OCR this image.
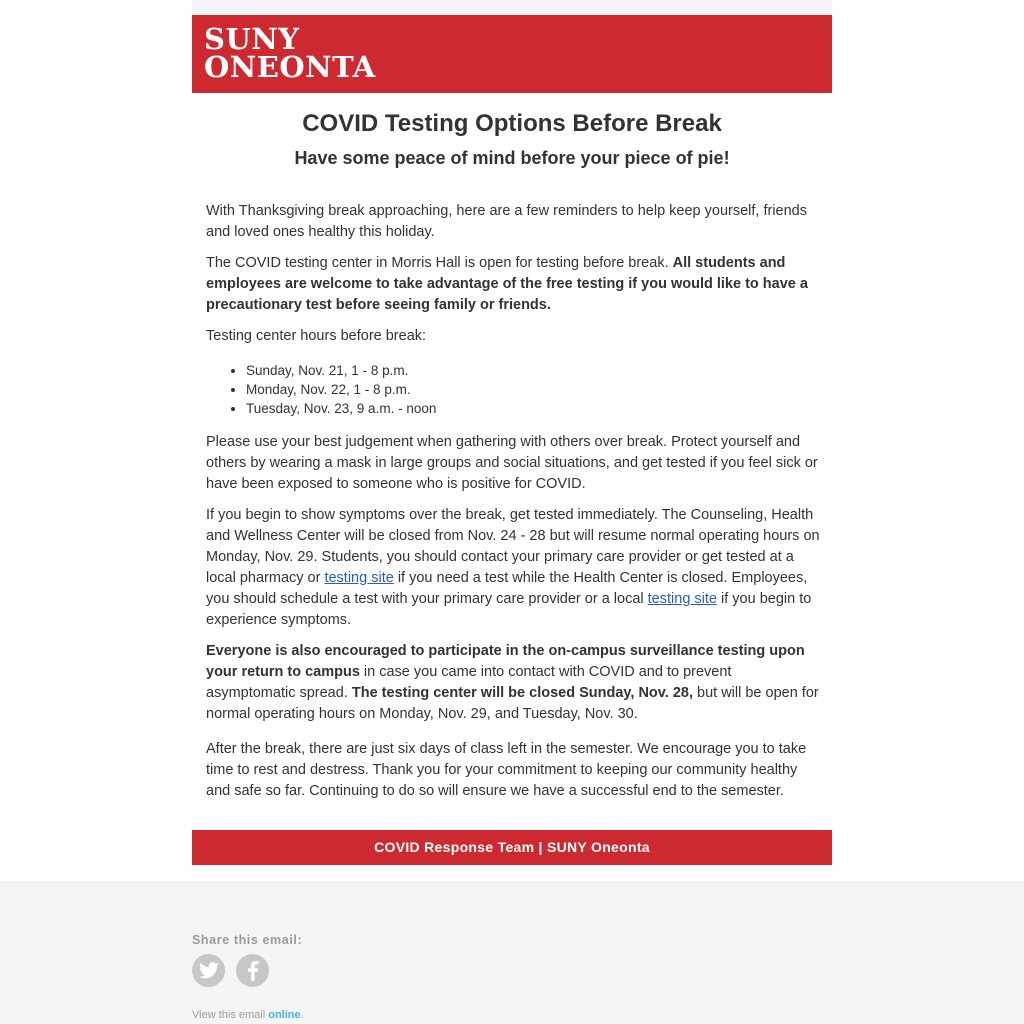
SUNY
ONEONTA
COVID Testing Options Before Break
Have some peace of mind before your piece of pie!

With Thanksgiving break approaching, here are a few reminders to help keep yourself, friends and loved ones healthy this holiday.

The COVID testing center in Morris Hall is open for testing before break. All students and employees are welcome to take advantage of the free testing if you would like to have a precautionary test before seeing family or friends.

Testing center hours before break:

• Sunday, Nov. 21, 1 - 8 p.m.
• Monday, Nov. 22, 1 - 8 p.m.
• Tuesday, Nov. 23, 9 a.m. - noon

Please use your best judgement when gathering with others over break. Protect yourself and others by wearing a mask in large groups and social situations, and get tested if you feel sick or have been exposed to someone who is positive for COVID.

If you begin to show symptoms over the break, get tested immediately. The Counseling, Health and Wellness Center will be closed from Nov. 24 - 28 but will resume normal operating hours on Monday, Nov. 29. Students, you should contact your primary care provider or get tested at a local pharmacy or testing site if you need a test while the Health Center is closed. Employees, you should schedule a test with your primary care provider or a local testing site if you begin to experience symptoms.

Everyone is also encouraged to participate in the on-campus surveillance testing upon your return to campus in case you came into contact with COVID and to prevent asymptomatic spread. The testing center will be closed Sunday, Nov. 28, but will be open for normal operating hours on Monday, Nov. 29, and Tuesday, Nov. 30.

After the break, there are just six days of class left in the semester. We encourage you to take time to rest and destress. Thank you for your commitment to keeping our community healthy and safe so far. Continuing to do so will ensure we have a successful end to the semester.

COVID Response Team | SUNY Oneonta
Share this email:
View this email online.
